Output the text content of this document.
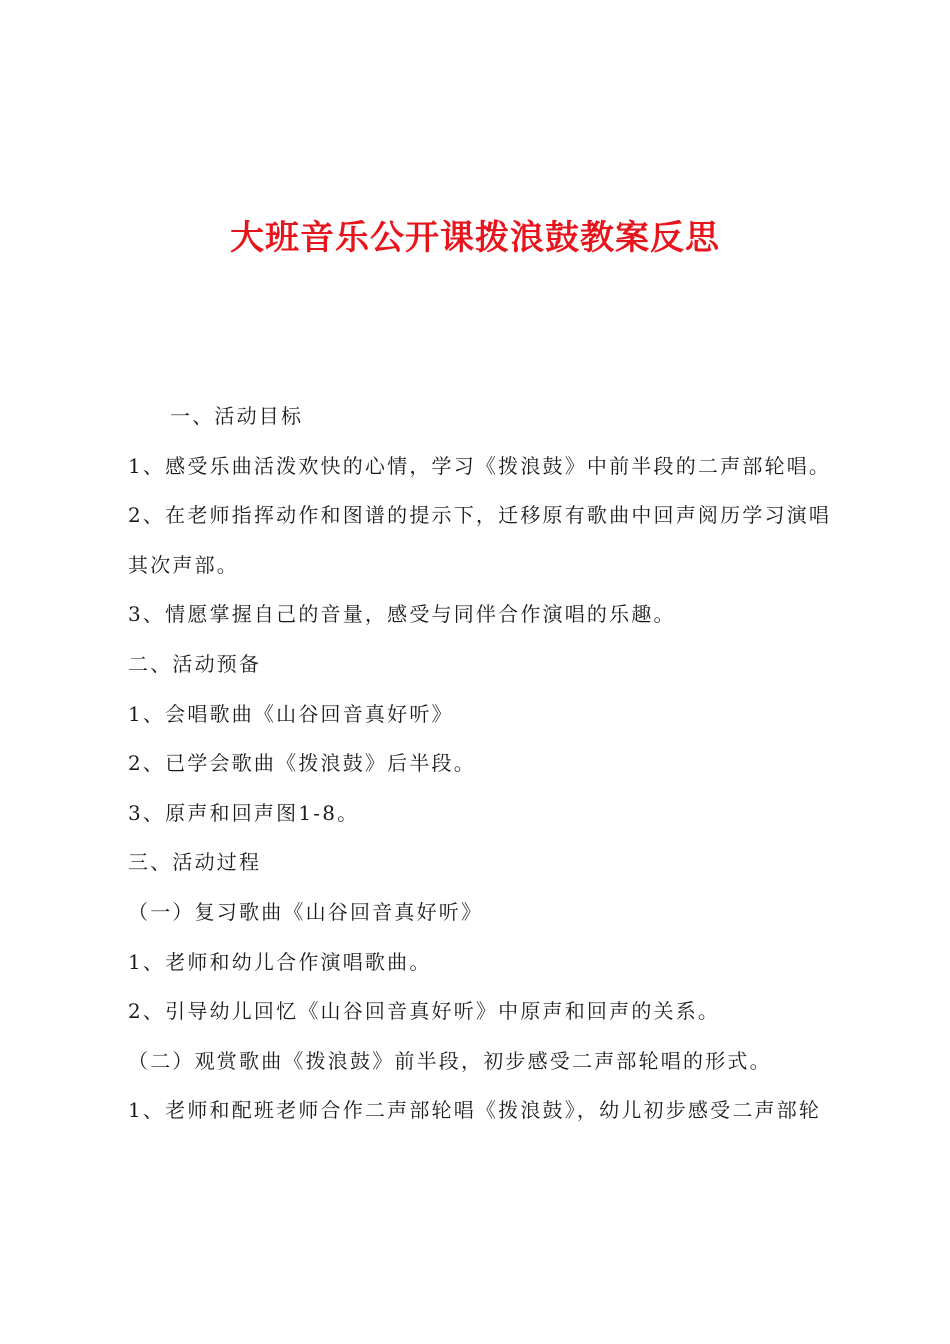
大班音乐公开课拨浪鼓教案反思

一、活动目标

1、感受乐曲活泼欢快的心情，学习《拨浪鼓》中前半段的二声部轮唱。

2、在老师指挥动作和图谱的提示下，迁移原有歌曲中回声阅历学习演唱

其次声部。

3、情愿掌握自己的音量，感受与同伴合作演唱的乐趣。

二、活动预备

1、会唱歌曲《山谷回音真好听》

2、已学会歌曲《拨浪鼓》后半段。

3、原声和回声图1-8。

三、活动过程

（一）复习歌曲《山谷回音真好听》

1、老师和幼儿合作演唱歌曲。

2、引导幼儿回忆《山谷回音真好听》中原声和回声的关系。

（二）观赏歌曲《拨浪鼓》前半段，初步感受二声部轮唱的形式。

1、老师和配班老师合作二声部轮唱《拨浪鼓》，幼儿初步感受二声部轮
